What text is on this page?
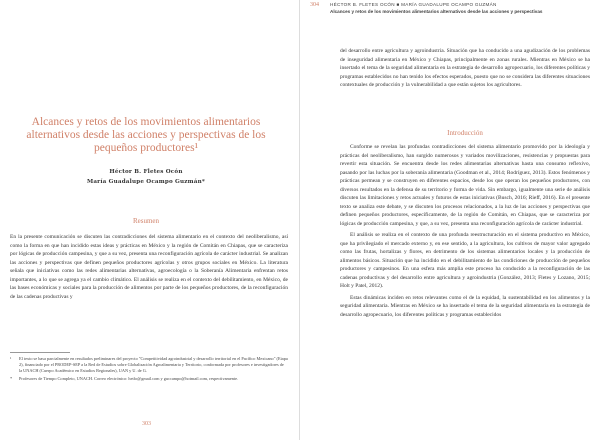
Alcances y retos de los movimientos alimentarios alternativos desde las acciones y perspectivas de los pequeños productores¹
Héctor B. Fletes Ocón
María Guadalupe Ocampo Guzmán*
Resumen

En la presente comunicación se discuten las contradicciones del sistema alimentario en el contexto del neoliberalismo, así como la forma en que han incidido estas ideas y prácticas en México y la región de Comitán en Chiapas, que se caracteriza por lógicas de producción campesina, y que a su vez, presenta una reconfiguración agrícola de carácter industrial. Se analizan las acciones y perspectivas que definen pequeños productores agrícolas y otros grupos sociales en México. La literatura señala que iniciativas como las redes alimentarias alternativas, agroecología o la Soberanía Alimentaria enfrentan retos importantes, a lo que se agrega ya el cambio climático. El análisis se realiza en el contexto del debilitamiento, en México, de las bases económicas y sociales para la producción de alimentos por parte de los pequeños productores, de la reconfiguración de las cadenas productivas y

¹	El texto se basa parcialmente en resultados preliminares del proyecto "Competitividad agroindustrial y desarrollo territorial en el Pacífico Mexicano" (Etapa 2), financiado por el PRODEP-SEP a la Red de Estudios sobre Globalización Agroalimentaria y Territorio, conformada por profesores e investigadores de la UNACH (Cuerpo Académico en Estudios Regionales), UAN y U. de G.
*	Profesores de Tiempo Completo, UNACH. Correo electrónico: hetfo@gmail.com y guccampo@hotmail.com, respectivamente.
303
304 HÉCTOR B. FLETES OCÓN ■ MARÍA GUADALUPE OCAMPO GUZMÁN
Alcances y retos de los movimientos alimentarios alternativos desde las acciones y perspectivas

del desarrollo entre agricultura y agroindustria. Situación que ha conducido a una agudización de los problemas de inseguridad alimentaria en México y Chiapas, principalmente en zonas rurales. Mientras en México se ha insertado el tema de la seguridad alimentaria en la estrategia de desarrollo agropecuario, los diferentes políticas y programas establecidos no han tenido los efectos esperados, puesto que no se considera las diferentes situaciones contextuales de producción y la vulnerabilidad a que están sujetos los agricultores.

Introducción

Conforme se revelan las profundas contradicciones del sistema alimentario promovido por la ideología y prácticas del neoliberalismo, han surgido numerosos y variados movilizaciones, resistencias y propuestas para revertir esta situación. Se encuentra desde los redes alimentarias alternativas hasta una consumo reflexivo, pasando por las luchas por la soberanía alimentaria (Goodman et al., 2014; Rodríguez, 2013). Estos fenómenos y prácticas permean y se construyen en diferentes espacios, desde los que operan los pequeños productores, con diversos resultados en la defensa de su territorio y forma de vida. Sin embargo, igualmente una serie de análisis discuten las limitaciones y retos actuales y futuros de estas iniciativas (Busch, 2016; Rieff, 2016). En el presente texto se analiza este debate, y se discuten los procesos relacionados, a la luz de las acciones y perspectivas que definen pequeños productores, específicamente, de la región de Comitán, en Chiapas, que se caracteriza por lógicas de producción campesina, y que, a su vez, presenta una reconfiguración agrícola de carácter industrial.

El análisis se realiza en el contexto de una profunda reestructuración en el sistema productivo en México, que ha privilegiado el mercado externo y, en ese sentido, a la agricultura, los cultivos de mayor valor agregado como las frutas, hortalizas y flores, en detrimento de los sistemas alimentarios locales y la producción de alimentos básicos. Situación que ha incidido en el debilitamiento de las condiciones de producción de pequeños productores y campesinos. En una esfera más amplia este proceso ha conducido a la reconfiguración de las cadenas productivas y del desarrollo entre agricultura y agroindustria (González, 2013; Fletes y Lozano, 2015; Holt y Patel, 2012).

Estas dinámicas inciden en retos relevantes como el de la equidad, la sustentabilidad en los alimentos y la seguridad alimentaria. Mientras en México se ha insertado el tema de la seguridad alimentaria en la estrategia de desarrollo agropecuario, los diferentes políticas y programas establecidos
